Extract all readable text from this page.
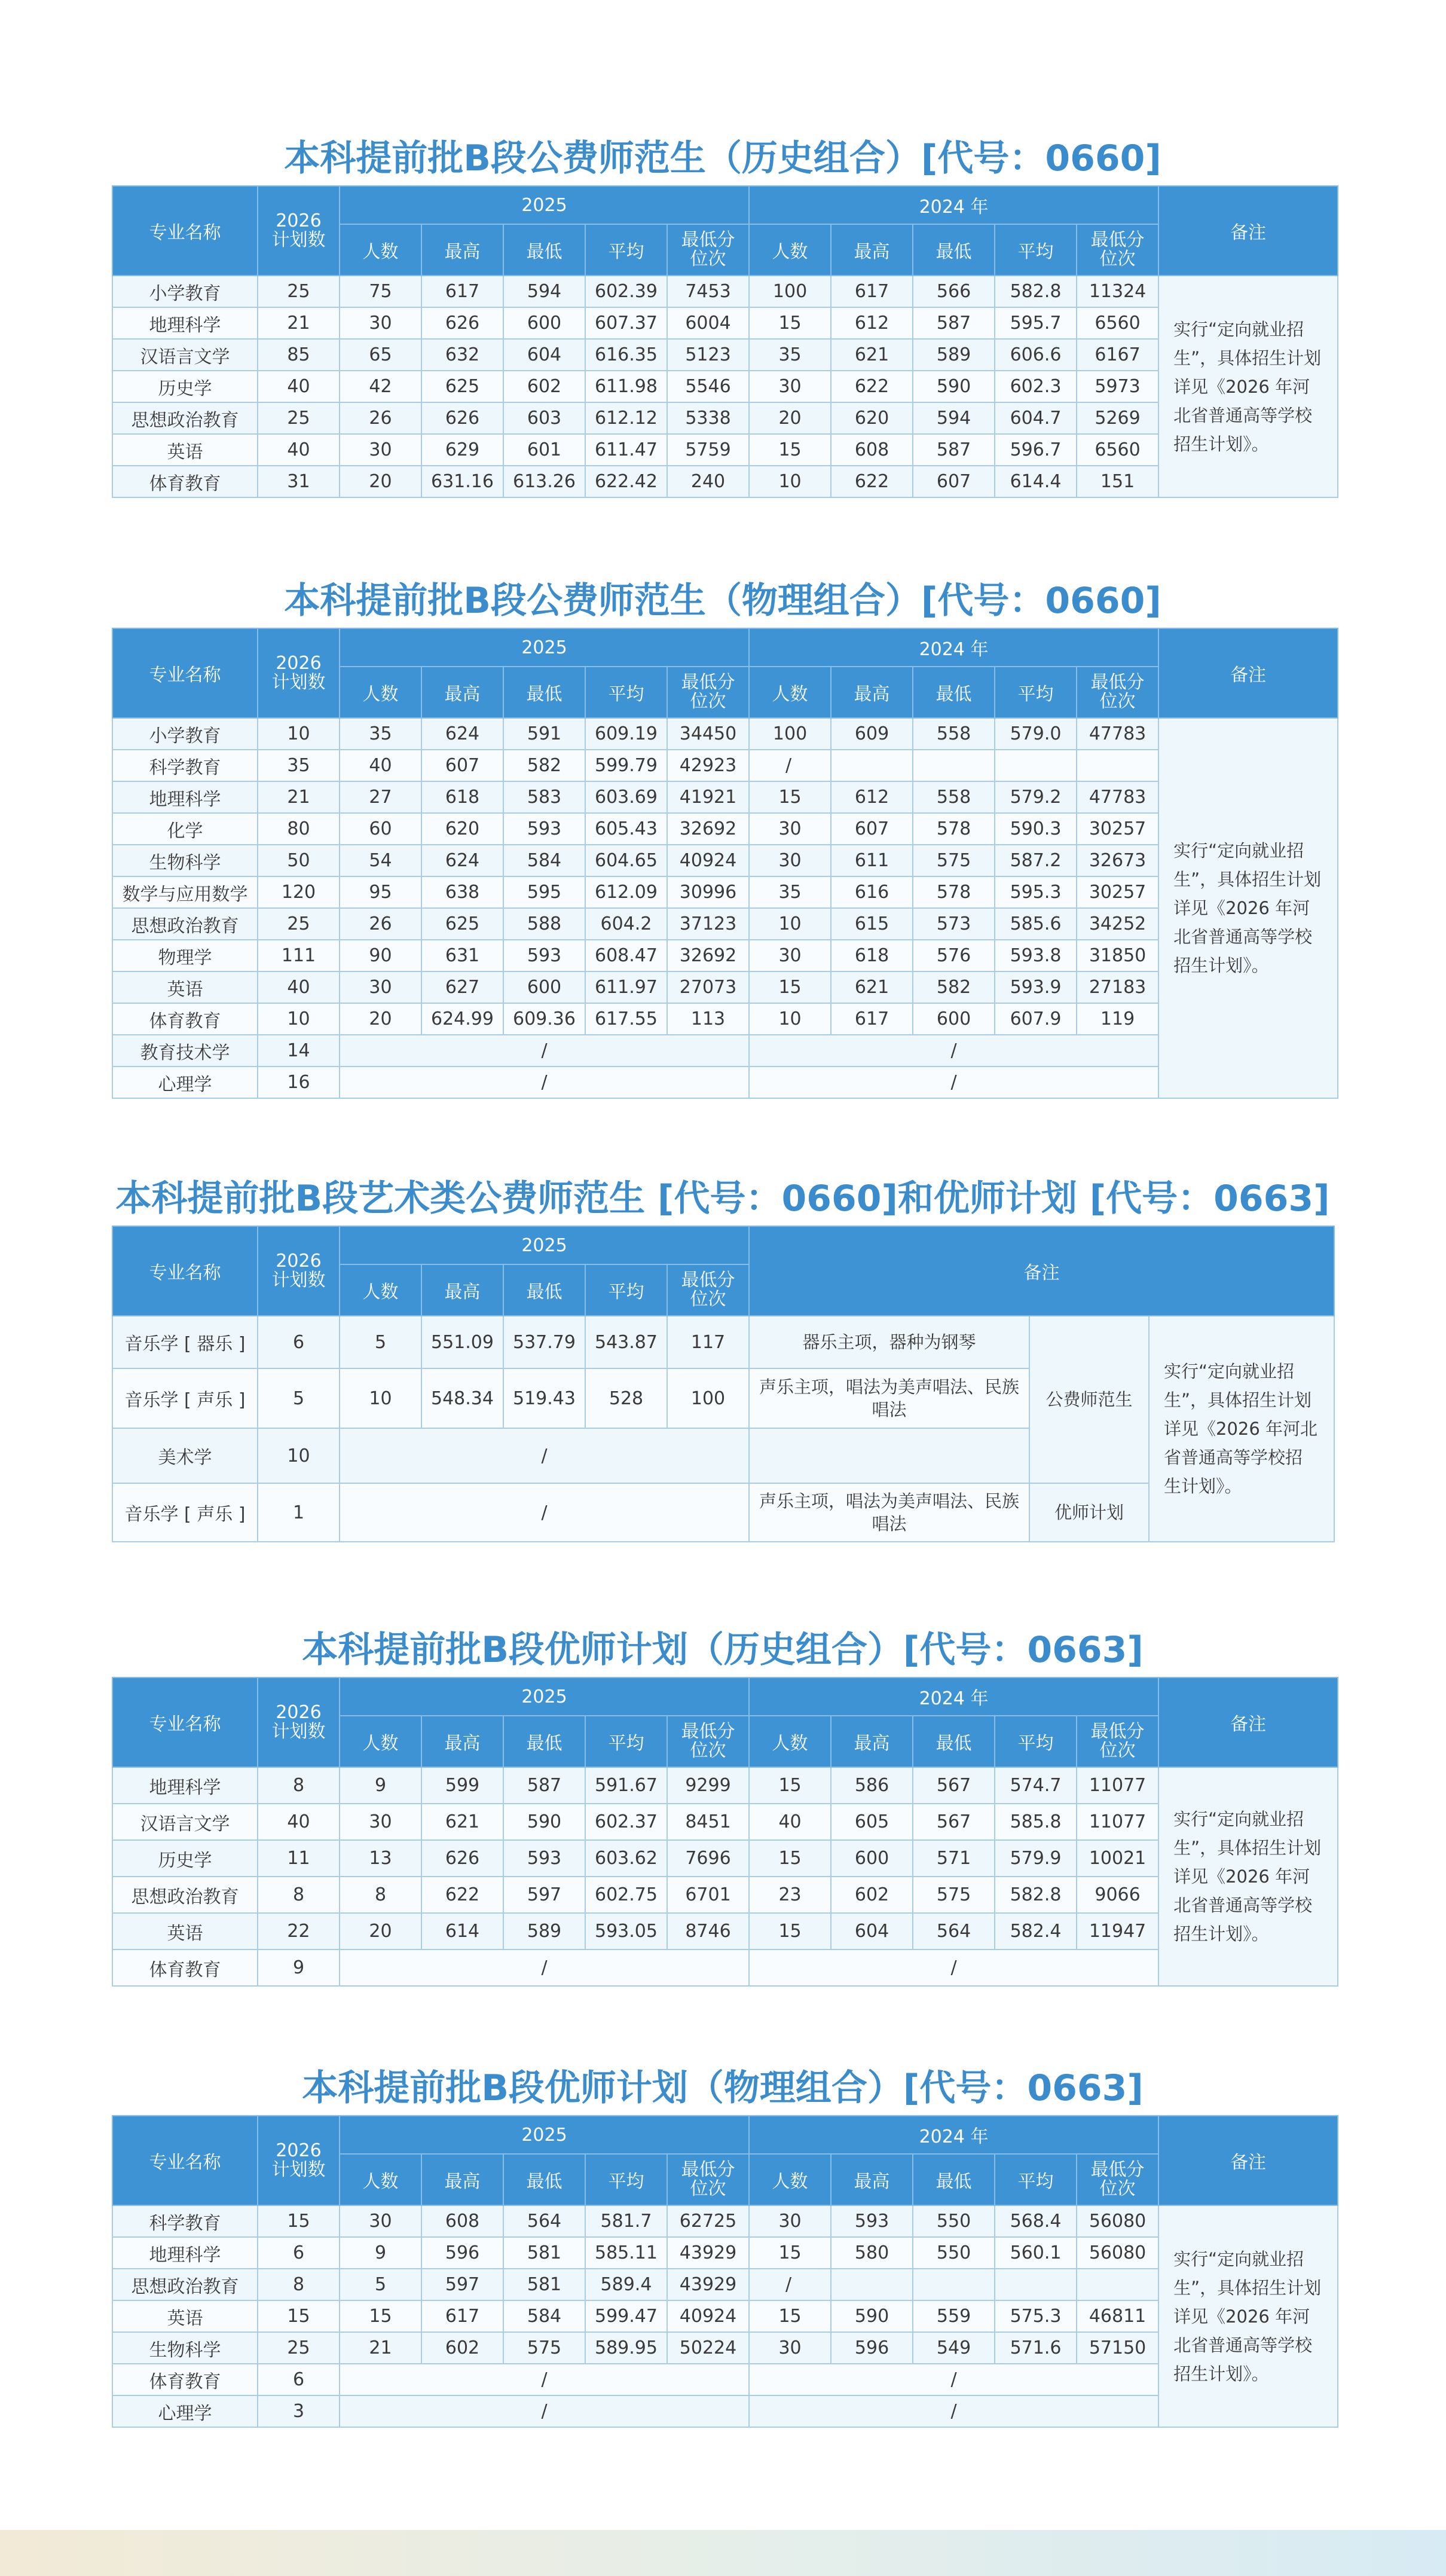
本科提前批B段公费师范生（历史组合）[代号：0660]
专业名称	2026
计划数	2025					2024 年					备注
		人数	最高	最低	平均	最低分
位次	人数	最高	最低	平均	最低分
位次	
小学教育	25	75	617	594	602.39	7453	100	617	566	582.8	11324	实行“定向就业招生”，具体招生计划详见《2026 年河北省普通高等学校招生计划》。
地理科学	21	30	626	600	607.37	6004	15	612	587	595.7	6560	
汉语言文学	85	65	632	604	616.35	5123	35	621	589	606.6	6167	
历史学	40	42	625	602	611.98	5546	30	622	590	602.3	5973	
思想政治教育	25	26	626	603	612.12	5338	20	620	594	604.7	5269	
英语	40	30	629	601	611.47	5759	15	608	587	596.7	6560	
体育教育	31	20	631.16	613.26	622.42	240	10	622	607	614.4	151	
本科提前批B段公费师范生（物理组合）[代号：0660]
专业名称	2026
计划数	2025					2024 年					备注
		人数	最高	最低	平均	最低分
位次	人数	最高	最低	平均	最低分
位次	
小学教育	10	35	624	591	609.19	34450	100	609	558	579.0	47783	实行“定向就业招生”，具体招生计划详见《2026 年河北省普通高等学校招生计划》。
科学教育	35	40	607	582	599.79	42923	/					
地理科学	21	27	618	583	603.69	41921	15	612	558	579.2	47783	
化学	80	60	620	593	605.43	32692	30	607	578	590.3	30257	
生物科学	50	54	624	584	604.65	40924	30	611	575	587.2	32673	
数学与应用数学	120	95	638	595	612.09	30996	35	616	578	595.3	30257	
思想政治教育	25	26	625	588	604.2	37123	10	615	573	585.6	34252	
物理学	111	90	631	593	608.47	32692	30	618	576	593.8	31850	
英语	40	30	627	600	611.97	27073	15	621	582	593.9	27183	
体育教育	10	20	624.99	609.36	617.55	113	10	617	600	607.9	119	
教育技术学	14	/					/					
心理学	16	/					/					
本科提前批B段艺术类公费师范生 [代号：0660]和优师计划 [代号：0663]
专业名称	2026
计划数	2025					备注		
		人数	最高	最低	平均	最低分
位次			
音乐学 [ 器乐 ]	6	5	551.09	537.79	543.87	117	器乐主项，器种为钢琴	公费师范生	实行“定向就业招生”，具体招生计划详见《2026 年河北省普通高等学校招生计划》。
音乐学 [ 声乐 ]	5	10	548.34	519.43	528	100	声乐主项，唱法为美声唱法、民族唱法		
美术学	10	/							
音乐学 [ 声乐 ]	1	/					声乐主项，唱法为美声唱法、民族唱法	优师计划	
本科提前批B段优师计划（历史组合）[代号：0663]
专业名称	2026
计划数	2025					2024 年					备注
		人数	最高	最低	平均	最低分
位次	人数	最高	最低	平均	最低分
位次	
地理科学	8	9	599	587	591.67	9299	15	586	567	574.7	11077	实行“定向就业招生”，具体招生计划详见《2026 年河北省普通高等学校招生计划》。
汉语言文学	40	30	621	590	602.37	8451	40	605	567	585.8	11077	
历史学	11	13	626	593	603.62	7696	15	600	571	579.9	10021	
思想政治教育	8	8	622	597	602.75	6701	23	602	575	582.8	9066	
英语	22	20	614	589	593.05	8746	15	604	564	582.4	11947	
体育教育	9	/					/					
本科提前批B段优师计划（物理组合）[代号：0663]
专业名称	2026
计划数	2025					2024 年					备注
		人数	最高	最低	平均	最低分
位次	人数	最高	最低	平均	最低分
位次	
科学教育	15	30	608	564	581.7	62725	30	593	550	568.4	56080	实行“定向就业招生”，具体招生计划详见《2026 年河北省普通高等学校招生计划》。
地理科学	6	9	596	581	585.11	43929	15	580	550	560.1	56080	
思想政治教育	8	5	597	581	589.4	43929	/					
英语	15	15	617	584	599.47	40924	15	590	559	575.3	46811	
生物科学	25	21	602	575	589.95	50224	30	596	549	571.6	57150	
体育教育	6	/					/					
心理学	3	/					/					
